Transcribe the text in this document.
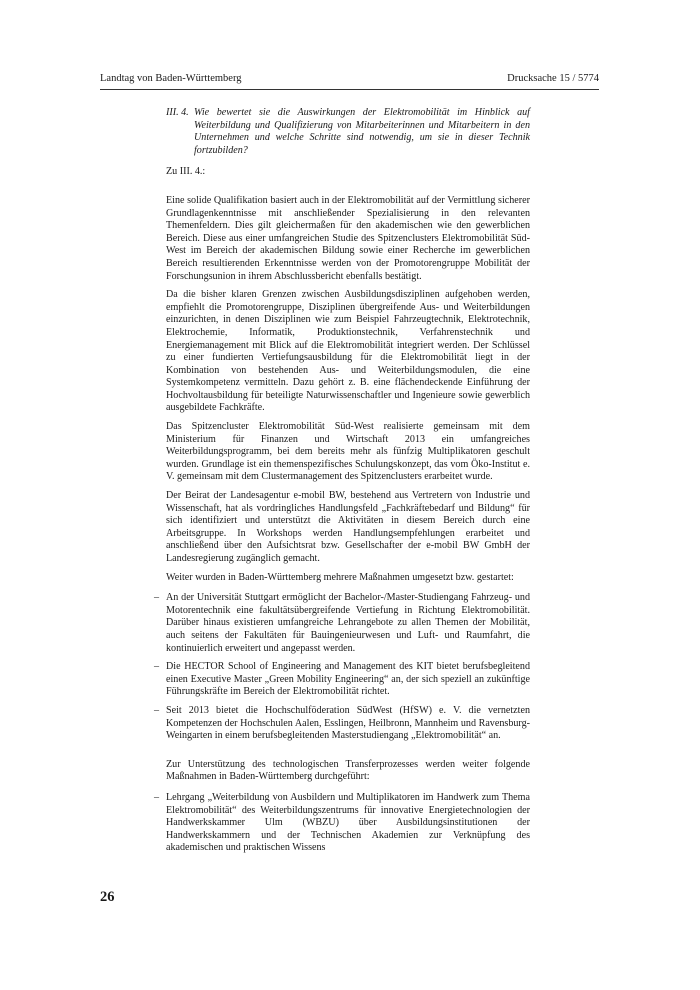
Landtag von Baden-Württemberg	Drucksache 15 / 5774
III. 4. Wie bewertet sie die Auswirkungen der Elektromobilität im Hinblick auf Weiterbildung und Qualifizierung von Mitarbeiterinnen und Mitarbeitern in den Unternehmen und welche Schritte sind notwendig, um sie in dieser Technik fortzubilden?
Zu III. 4.:

Eine solide Qualifikation basiert auch in der Elektromobilität auf der Vermittlung sicherer Grundlagenkenntnisse mit anschließender Spezialisierung in den relevanten Themenfeldern. Dies gilt gleichermaßen für den akademischen wie den gewerblichen Bereich. Diese aus einer umfangreichen Studie des Spitzenclusters Elektromobilität Süd-West im Bereich der akademischen Bildung sowie einer Recherche im gewerblichen Bereich resultierenden Erkenntnisse werden von der Promotorengruppe Mobilität der Forschungsunion in ihrem Abschlussbericht ebenfalls bestätigt.

Da die bisher klaren Grenzen zwischen Ausbildungsdisziplinen aufgehoben werden, empfiehlt die Promotorengruppe, Disziplinen übergreifende Aus- und Weiterbildungen einzurichten, in denen Disziplinen wie zum Beispiel Fahrzeugtechnik, Elektrotechnik, Elektrochemie, Informatik, Produktionstechnik, Verfahrenstechnik und Energiemanagement mit Blick auf die Elektromobilität integriert werden. Der Schlüssel zu einer fundierten Vertiefungsausbildung für die Elektromobilität liegt in der Kombination von bestehenden Aus- und Weiterbildungsmodulen, die eine Systemkompetenz vermitteln. Dazu gehört z. B. eine flächendeckende Einführung der Hochvoltausbildung für beteiligte Naturwissenschaftler und Ingenieure sowie gewerblich ausgebildete Fachkräfte.

Das Spitzencluster Elektromobilität Süd-West realisierte gemeinsam mit dem Ministerium für Finanzen und Wirtschaft 2013 ein umfangreiches Weiterbildungsprogramm, bei dem bereits mehr als fünfzig Multiplikatoren geschult wurden. Grundlage ist ein themenspezifisches Schulungskonzept, das vom Öko-Institut e. V. gemeinsam mit dem Clustermanagement des Spitzenclusters erarbeitet wurde.

Der Beirat der Landesagentur e-mobil BW, bestehend aus Vertretern von Industrie und Wissenschaft, hat als vordringliches Handlungsfeld „Fachkräftebedarf und Bildung“ für sich identifiziert und unterstützt die Aktivitäten in diesem Bereich durch eine Arbeitsgruppe. In Workshops werden Handlungsempfehlungen erarbeitet und anschließend über den Aufsichtsrat bzw. Gesellschafter der e-mobil BW GmbH der Landesregierung zugänglich gemacht.

Weiter wurden in Baden-Württemberg mehrere Maßnahmen umgesetzt bzw. gestartet:

– An der Universität Stuttgart ermöglicht der Bachelor-/Master-Studiengang Fahrzeug- und Motorentechnik eine fakultätsübergreifende Vertiefung in Richtung Elektromobilität. Darüber hinaus existieren umfangreiche Lehrangebote zu allen Themen der Mobilität, auch seitens der Fakultäten für Bauingenieurwesen und Luft- und Raumfahrt, die kontinuierlich erweitert und angepasst werden.
– Die HECTOR School of Engineering and Management des KIT bietet berufsbegleitend einen Executive Master „Green Mobility Engineering“ an, der sich speziell an zukünftige Führungskräfte im Bereich der Elektromobilität richtet.
– Seit 2013 bietet die Hochschulföderation SüdWest (HfSW) e. V. die vernetzten Kompetenzen der Hochschulen Aalen, Esslingen, Heilbronn, Mannheim und Ravensburg-Weingarten in einem berufsbegleitenden Masterstudiengang „Elektromobilität“ an.

Zur Unterstützung des technologischen Transferprozesses werden weiter folgende Maßnahmen in Baden-Württemberg durchgeführt:

– Lehrgang „Weiterbildung von Ausbildern und Multiplikatoren im Handwerk zum Thema Elektromobilität“ des Weiterbildungszentrums für innovative Energietechnologien der Handwerkskammer Ulm (WBZU) über Ausbildungsinstitutionen der Handwerkskammern und der Technischen Akademien zur Verknüpfung des akademischen und praktischen Wissens
26
